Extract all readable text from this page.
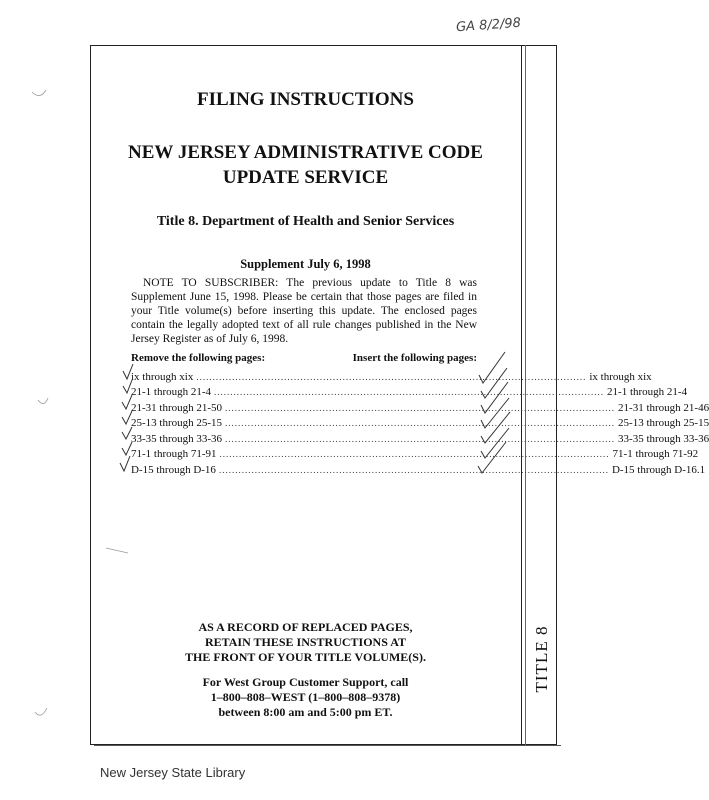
GA 8/2/98
FILING INSTRUCTIONS
NEW JERSEY ADMINISTRATIVE CODE
UPDATE SERVICE
Title 8. Department of Health and Senior Services
Supplement July 6, 1998
NOTE TO SUBSCRIBER: The previous update to Title 8 was Supplement June 15, 1998. Please be certain that those pages are filed in your Title volume(s) before inserting this update. The enclosed pages contain the legally adopted text of all rule changes published in the New Jersey Register as of July 6, 1998.
Remove the following pages:	Insert the following pages:
ix through xix ........................................................................................................................ ix through xix
21-1 through 21-4 ........................................................................................................................ 21-1 through 21-4
21-31 through 21-50 ........................................................................................................................ 21-31 through 21-46
25-13 through 25-15 ........................................................................................................................ 25-13 through 25-15
33-35 through 33-36 ........................................................................................................................ 33-35 through 33-36
71-1 through 71-91 ........................................................................................................................ 71-1 through 71-92
D-15 through D-16 ........................................................................................................................ D-15 through D-16.1
AS A RECORD OF REPLACED PAGES,
RETAIN THESE INSTRUCTIONS AT
THE FRONT OF YOUR TITLE VOLUME(S).
For West Group Customer Support, call
1–800–808–WEST (1–800–808–9378)
between 8:00 am and 5:00 pm ET.
TITLE 8
New Jersey State Library
